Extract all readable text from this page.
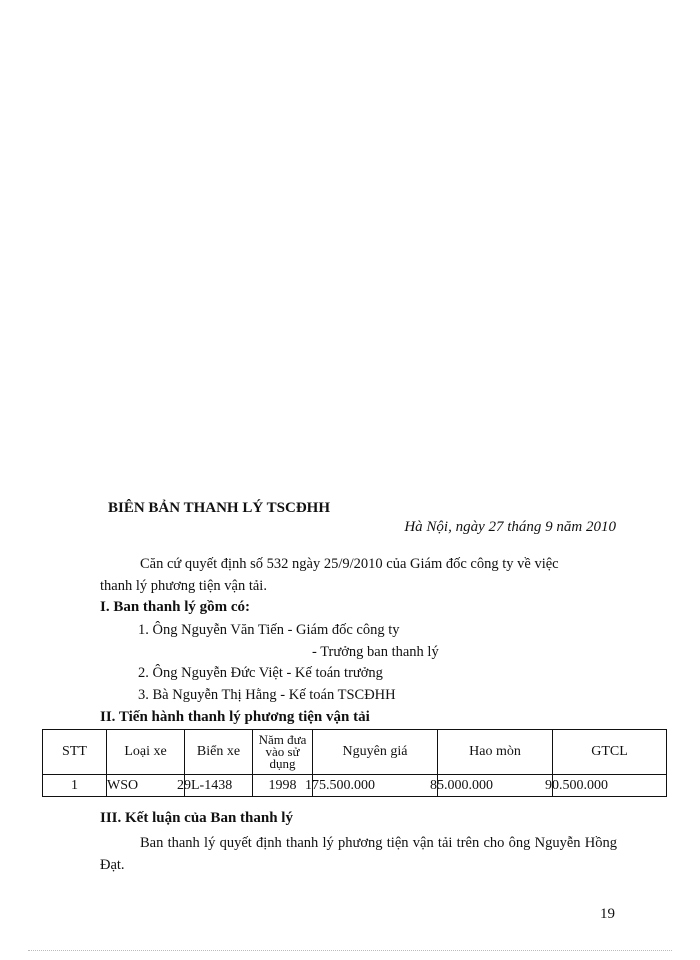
BIÊN BẢN THANH LÝ TSCĐHH
Hà Nội, ngày 27 tháng 9 năm 2010
Căn cứ quyết định số 532 ngày 25/9/2010 của Giám đốc công ty về việc
thanh lý phương tiện vận tải.
I. Ban thanh lý gồm có:
1. Ông Nguyễn Văn Tiến - Giám đốc công ty
- Trưởng ban thanh lý
2. Ông Nguyễn Đức Việt - Kế toán trưởng
3. Bà Nguyễn Thị Hằng - Kế toán TSCĐHH
II. Tiến hành thanh lý phương tiện vận tải
STT	Loại xe	Biển xe	Năm đưa vào sử dụng	Nguyên giá	Hao mòn	GTCL
1	WSO	29L-1438	1998	175.500.000	85.000.000	90.500.000
III. Kết luận của Ban thanh lý
Ban thanh lý quyết định thanh lý phương tiện vận tải trên cho ông Nguyễn Hồng Đạt.
19
